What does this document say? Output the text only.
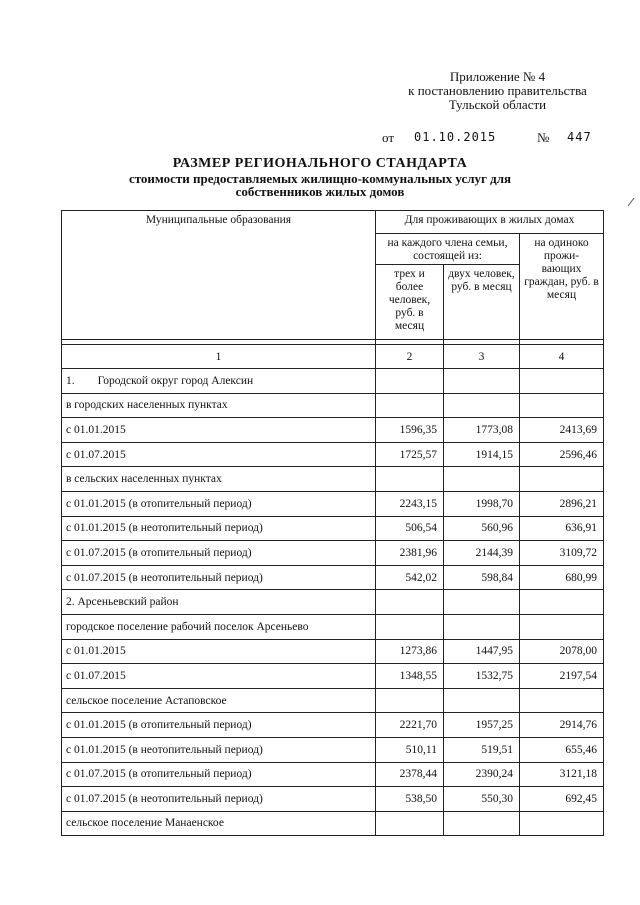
Приложение № 4
к постановлению правительства
Тульской области
от 01.10.2015	№ 447
РАЗМЕР РЕГИОНАЛЬНОГО СТАНДАРТА
стоимости предоставляемых жилищно-коммунальных услуг для
собственников жилых домов
Муниципальные образования	Для проживающих в жилых домах		
	на каждого члена семьи, состоящей из:		на одиноко прожи-вающих граждан, руб. в месяц
	трех и более человек, руб. в месяц	двух человек, руб. в месяц	

1	2	3	4
1.        Городской округ город Алексин			
в городских населенных пунктах			
с 01.01.2015	1596,35	1773,08	2413,69
с 01.07.2015	1725,57	1914,15	2596,46
в сельских населенных пунктах			
с 01.01.2015 (в отопительный период)	2243,15	1998,70	2896,21
с 01.01.2015 (в неотопительный период)	506,54	560,96	636,91
с 01.07.2015 (в отопительный период)	2381,96	2144,39	3109,72
с 01.07.2015 (в неотопительный период)	542,02	598,84	680,99
2. Арсеньевский район			
городское поселение рабочий поселок Арсеньево			
с 01.01.2015	1273,86	1447,95	2078,00
с 01.07.2015	1348,55	1532,75	2197,54
сельское поселение Астаповское			
с 01.01.2015 (в отопительный период)	2221,70	1957,25	2914,76
с 01.01.2015 (в неотопительный период)	510,11	519,51	655,46
с 01.07.2015 (в отопительный период)	2378,44	2390,24	3121,18
с 01.07.2015 (в неотопительный период)	538,50	550,30	692,45
сельское поселение Манаенское			
